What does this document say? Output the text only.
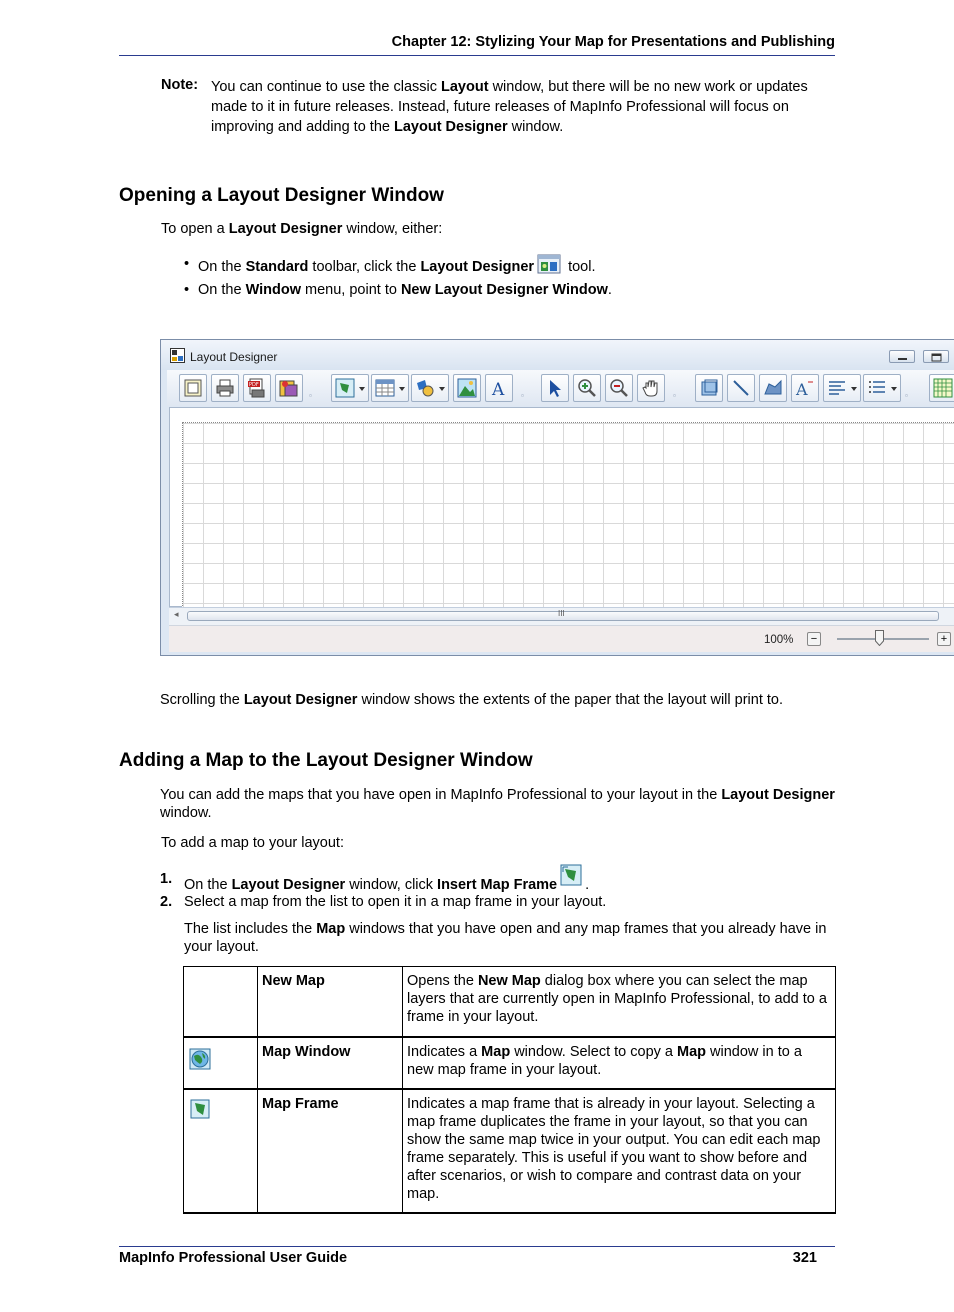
Chapter 12: Stylizing Your Map for Presentations and Publishing
Note: You can continue to use the classic Layout window, but there will be no new work or updates made to it in future releases. Instead, future releases of MapInfo Professional will focus on improving and adding to the Layout Designer window.
Opening a Layout Designer Window
To open a Layout Designer window, either:
• On the Standard toolbar, click the Layout Designer tool.
• On the Window menu, point to New Layout Designer Window.
Layout Designer
PDF
▫	A ▫	▫	A	▫
◂	III
100%	−	+
Scrolling the Layout Designer window shows the extents of the paper that the layout will print to.
Adding a Map to the Layout Designer Window
You can add the maps that you have open in MapInfo Professional to your layout in the Layout Designer window.
To add a map to your layout:
1. On the Layout Designer window, click Insert Map Frame .
2. Select a map from the list to open it in a map frame in your layout.
The list includes the Map windows that you have open and any map frames that you already have in your layout.
	New Map	Opens the New Map dialog box where you can select the map layers that are currently open in MapInfo Professional, to add to a frame in your layout.
	Map Window	Indicates a Map window. Select to copy a Map window in to a new map frame in your layout.
	Map Frame	Indicates a map frame that is already in your layout. Selecting a map frame duplicates the frame in your layout, so that you can show the same map twice in your output. You can edit each map frame separately. This is useful if you want to show before and after scenarios, or wish to compare and contrast data on your map.
MapInfo Professional User Guide	321
